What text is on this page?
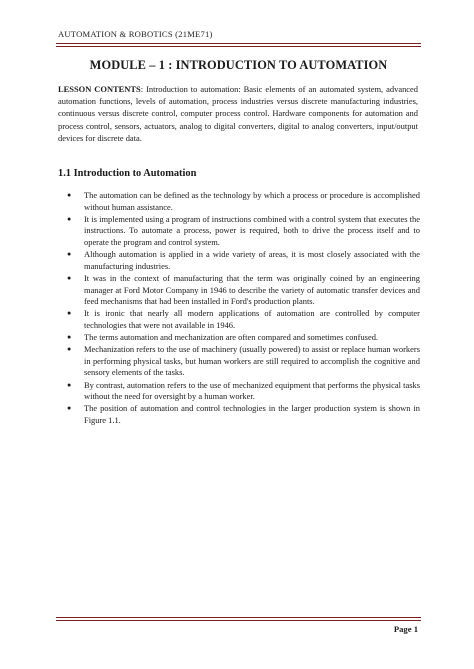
AUTOMATION & ROBOTICS (21ME71)
MODULE – 1 : INTRODUCTION TO AUTOMATION
LESSON CONTENTS: Introduction to automation: Basic elements of an automated system, advanced automation functions, levels of automation, process industries versus discrete manufacturing industries, continuous versus discrete control, computer process control. Hardware components for automation and process control, sensors, actuators, analog to digital converters, digital to analog converters, input/output devices for discrete data.
1.1 Introduction to Automation
● The automation can be defined as the technology by which a process or procedure is accomplished without human assistance.
● It is implemented using a program of instructions combined with a control system that executes the instructions. To automate a process, power is required, both to drive the process itself and to operate the program and control system.
● Although automation is applied in a wide variety of areas, it is most closely associated with the manufacturing industries.
● It was in the context of manufacturing that the term was originally coined by an engineering manager at Ford Motor Company in 1946 to describe the variety of automatic transfer devices and feed mechanisms that had been installed in Ford's production plants.
● It is ironic that nearly all modern applications of automation are controlled by computer technologies that were not available in 1946.
● The terms automation and mechanization are often compared and sometimes confused.
● Mechanization refers to the use of machinery (usually powered) to assist or replace human workers in performing physical tasks, but human workers are still required to accomplish the cognitive and sensory elements of the tasks.
● By contrast, automation refers to the use of mechanized equipment that performs the physical tasks without the need for oversight by a human worker.
● The position of automation and control technologies in the larger production system is shown in Figure 1.1.
Page 1
